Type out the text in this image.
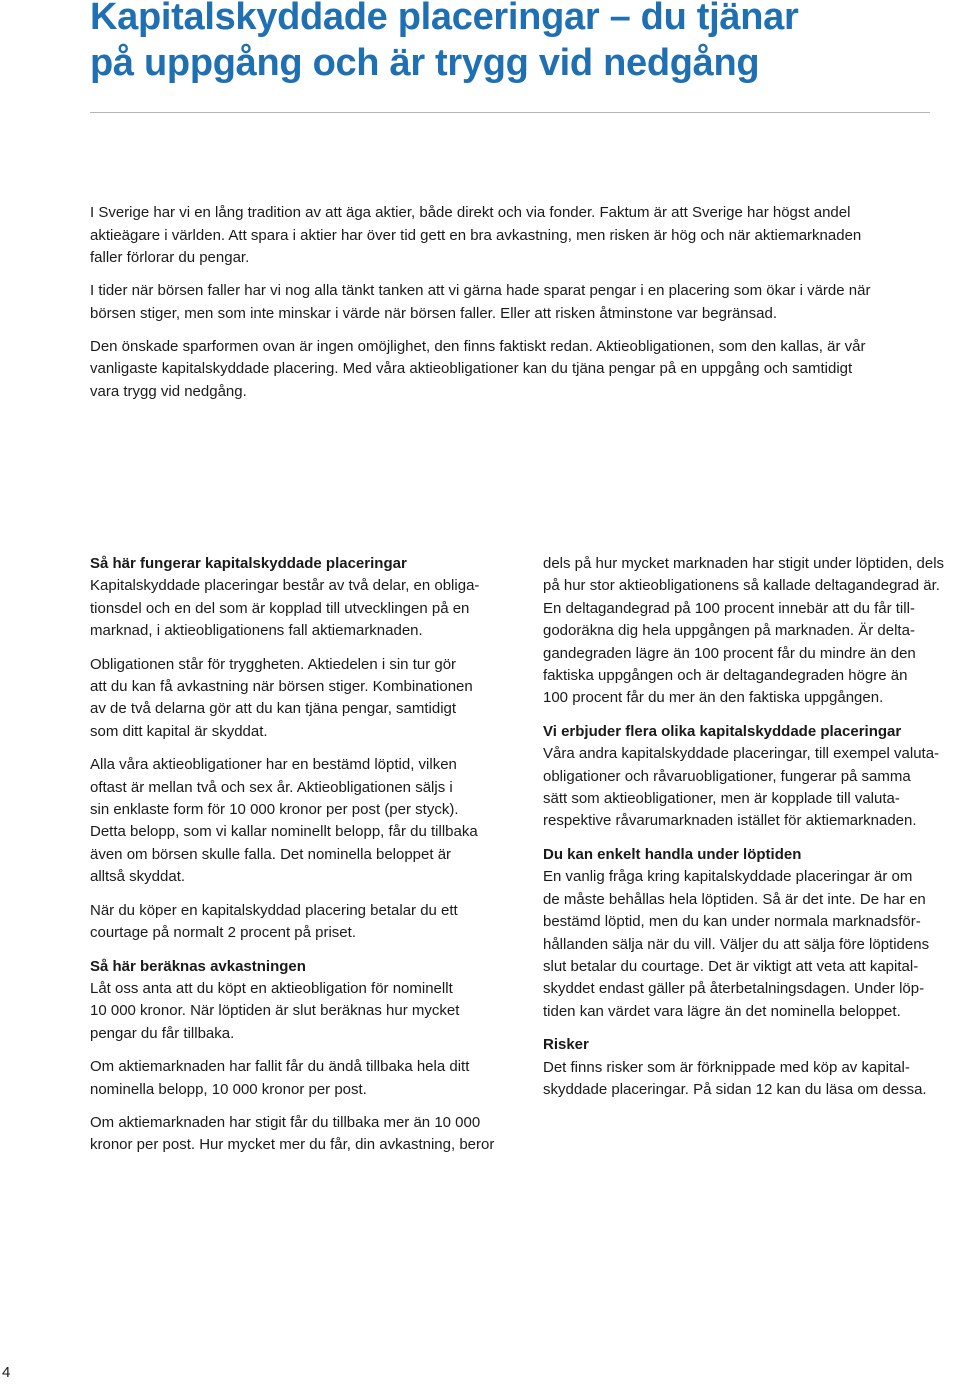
Kapitalskyddade placeringar – du tjänar
på uppgång och är trygg vid nedgång

I Sverige har vi en lång tradition av att äga aktier, både direkt och via fonder. Faktum är att Sverige har högst andel
aktieägare i världen. Att spara i aktier har över tid gett en bra avkastning, men risken är hög och när aktiemarknaden
faller förlorar du pengar.

I tider när börsen faller har vi nog alla tänkt tanken att vi gärna hade sparat pengar i en placering som ökar i värde när
börsen stiger, men som inte minskar i värde när börsen faller. Eller att risken åtminstone var begränsad.

Den önskade sparformen ovan är ingen omöjlighet, den finns faktiskt redan. Aktieobligationen, som den kallas, är vår
vanligaste kapitalskyddade placering. Med våra aktieobligationer kan du tjäna pengar på en uppgång och samtidigt
vara trygg vid nedgång.

Så här fungerar kapitalskyddade placeringar

Kapitalskyddade placeringar består av två delar, en obliga-
tionsdel och en del som är kopplad till utvecklingen på en
marknad, i aktieobligationens fall aktiemarknaden.

Obligationen står för tryggheten. Aktiedelen i sin tur gör
att du kan få avkastning när börsen stiger. Kombinationen
av de två delarna gör att du kan tjäna pengar, samtidigt
som ditt kapital är skyddat.

Alla våra aktieobligationer har en bestämd löptid, vilken
oftast är mellan två och sex år. Aktieobligationen säljs i
sin enklaste form för 10 000 kronor per post (per styck).
Detta belopp, som vi kallar nominellt belopp, får du tillbaka
även om börsen skulle falla. Det nominella beloppet är
alltså skyddat.

När du köper en kapitalskyddad placering betalar du ett
courtage på normalt 2 procent på priset.

Så här beräknas avkastningen

Låt oss anta att du köpt en aktieobligation för nominellt
10 000 kronor. När löptiden är slut beräknas hur mycket
pengar du får tillbaka.

Om aktiemarknaden har fallit får du ändå tillbaka hela ditt
nominella belopp, 10 000 kronor per post.

Om aktiemarknaden har stigit får du tillbaka mer än 10 000
kronor per post. Hur mycket mer du får, din avkastning, beror

dels på hur mycket marknaden har stigit under löptiden, dels
på hur stor aktieobligationens så kallade deltagandegrad är.
En deltagandegrad på 100 procent innebär att du får till-
godoräkna dig hela uppgången på marknaden. Är delta-
gandegraden lägre än 100 procent får du mindre än den
faktiska uppgången och är deltagandegraden högre än
100 procent får du mer än den faktiska uppgången.

Vi erbjuder flera olika kapitalskyddade placeringar

Våra andra kapitalskyddade placeringar, till exempel valuta-
obligationer och råvaruobligationer, fungerar på samma
sätt som aktieobligationer, men är kopplade till valuta-
respektive råvarumarknaden istället för aktiemarknaden.

Du kan enkelt handla under löptiden

En vanlig fråga kring kapitalskyddade placeringar är om
de måste behållas hela löptiden. Så är det inte. De har en
bestämd löptid, men du kan under normala marknadsför-
hållanden sälja när du vill. Väljer du att sälja före löptidens
slut betalar du courtage. Det är viktigt att veta att kapital-
skyddet endast gäller på återbetalningsdagen. Under löp-
tiden kan värdet vara lägre än det nominella beloppet.

Risker

Det finns risker som är förknippade med köp av kapital-
skyddade placeringar. På sidan 12 kan du läsa om dessa.

4
